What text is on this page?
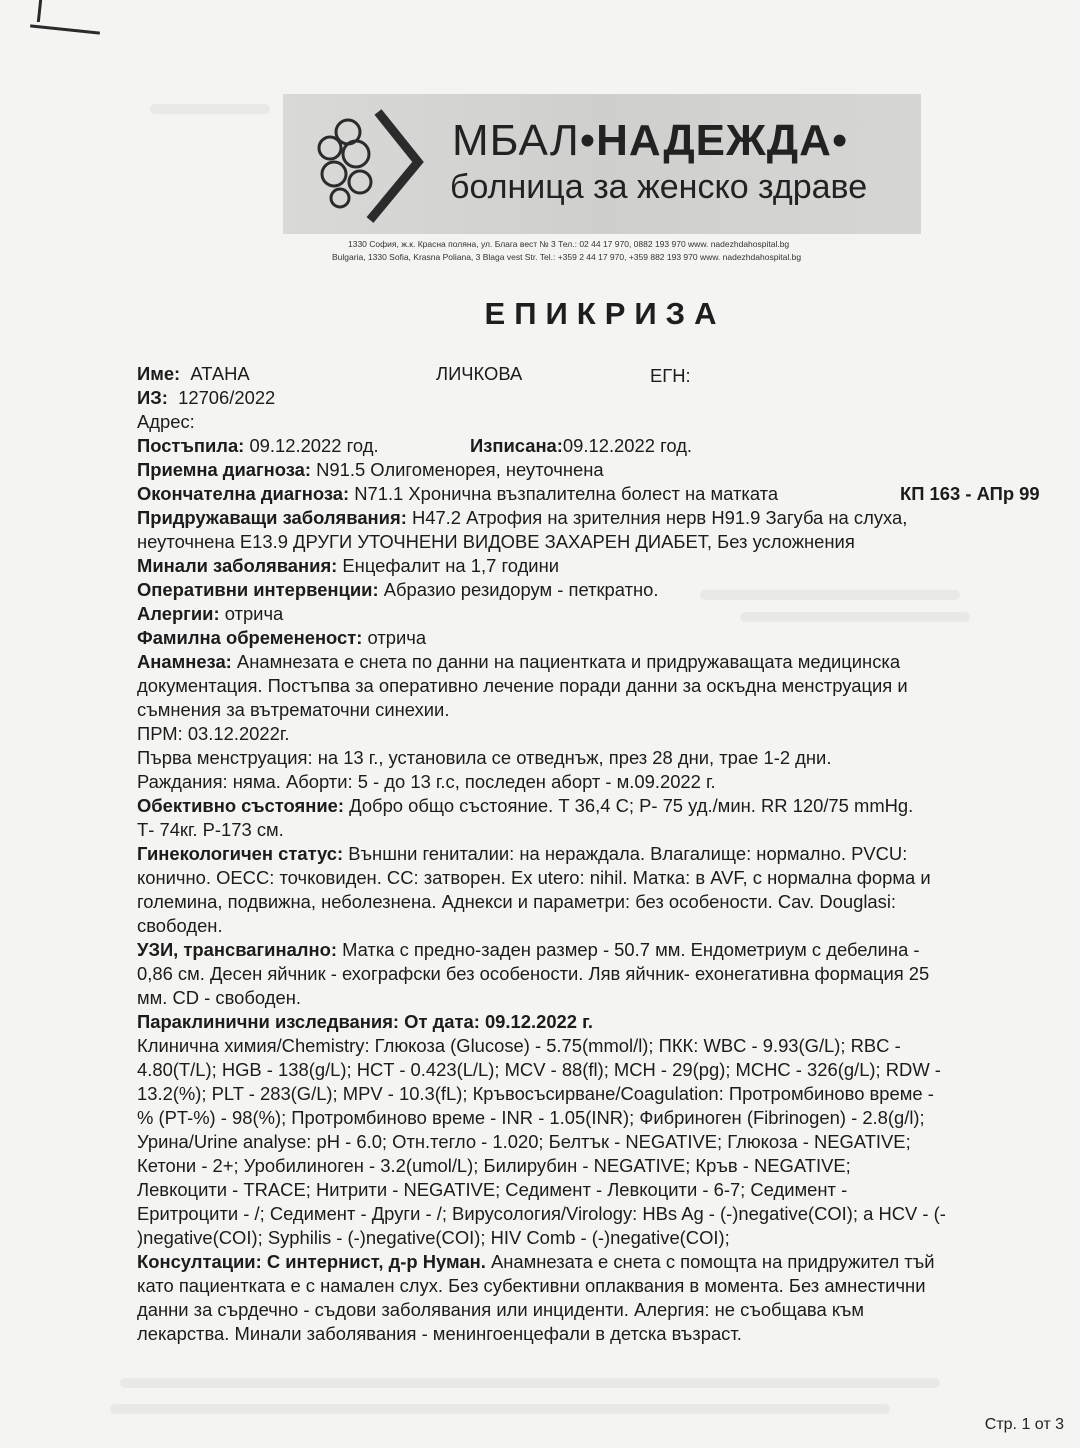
МБАЛ•НАДЕЖДА•
болница за женско здраве
1330 София, ж.к. Красна поляна, ул. Блага вест № 3 Тел.: 02 44 17 970, 0882 193 970 www. nadezhdahospital.bg
Bulgaria, 1330 Sofia, Krasna Poliana, 3 Blaga vest Str. Tel.: +359 2 44 17 970, +359 882 193 970 www. nadezhdahospital.bg
ЕПИКРИЗА
Име: АТАНА	ЛИЧКОВА	ЕГН:
ИЗ: 12706/2022
Адрес:
Постъпила: 09.12.2022 год.	Изписана:09.12.2022 год.
Приемна диагноза: N91.5 Олигоменорея, неуточнена
Окончателна диагноза: N71.1 Хронична възпалителна болест на матката	КП 163 - АПр 99
Придружаващи заболявания: H47.2 Атрофия на зрителния нерв H91.9 Загуба на слуха,
неуточнена E13.9 ДРУГИ УТОЧНЕНИ ВИДОВЕ ЗАХАРЕН ДИАБЕТ, Без усложнения
Минали заболявания: Енцефалит на 1,7 години
Оперативни интервенции: Абразио резидорум - петкратно.
Алергии: отрича
Фамилна обремененост: отрича
Анамнеза: Анамнезата е снета по данни на пациентката и придружаващата медицинска
документация. Постъпва за оперативно лечение поради данни за оскъдна менструация и
съмнения за вътрематочни синехии.
ПРМ: 03.12.2022г.
Първа менструация: на 13 г., установила се отведнъж, през 28 дни, трае 1-2 дни.
Раждания: няма. Аборти: 5 - до 13 г.с, последен аборт - м.09.2022 г.
Обективно състояние: Добро общо състояние. Т 36,4 С; Р- 75 уд./мин. RR 120/75 mmHg.
Т- 74кг. Р-173 см.
Гинекологичен статус: Външни гениталии: на нераждала. Влагалище: нормално. PVCU:
конично. OECC: точковиден. CC: затворен. Ex utero: nihil. Матка: в AVF, с нормална форма и
големина, подвижна, неболезнена. Аднекси и параметри: без особености. Cav. Douglasi:
свободен.
УЗИ, трансвагинално: Матка с предно-заден размер - 50.7 мм. Ендометриум с дебелина -
0,86 см. Десен яйчник - ехографски без особености. Ляв яйчник- ехонегативна формация 25
мм. CD - свободен.
Параклинични изследвания: От дата: 09.12.2022 г.
Клинична химия/Chemistry: Глюкоза (Glucose) - 5.75(mmol/l); ПКК: WBC - 9.93(G/L); RBC -
4.80(T/L); HGB - 138(g/L); HCT - 0.423(L/L); MCV - 88(fl); MCH - 29(pg); MCHC - 326(g/L); RDW -
13.2(%); PLT - 283(G/L); MPV - 10.3(fL); Кръвосъсирване/Coagulation: Протромбиново време -
% (PT-%) - 98(%); Протромбиново време - INR - 1.05(INR); Фибриноген (Fibrinogen) - 2.8(g/l);
Урина/Urine analyse: pH - 6.0; Отн.тегло - 1.020; Белтък - NEGATIVE; Глюкоза - NEGATIVE;
Кетони - 2+; Уробилиноген - 3.2(umol/L); Билирубин - NEGATIVE; Кръв - NEGATIVE;
Левкоцити - TRACE; Нитрити - NEGATIVE; Седимент - Левкоцити - 6-7; Седимент -
Еритроцити - /; Седимент - Други - /; Вирусология/Virology: HBs Ag - (-)negative(COI); a HCV - (-
)negative(COI); Syphilis - (-)negative(COI); HIV Comb - (-)negative(COI);
Консултации: С интернист, д-р Нуман. Анамнезата е снета с помощта на придружител тъй
като пациентката е с намален слух. Без субективни оплаквания в момента. Без амнестични
данни за сърдечно - съдови заболявания или инциденти. Алергия: не съобщава към
лекарства. Минали заболявания - менингоенцефали в детска възраст.
Стр. 1 от 3
